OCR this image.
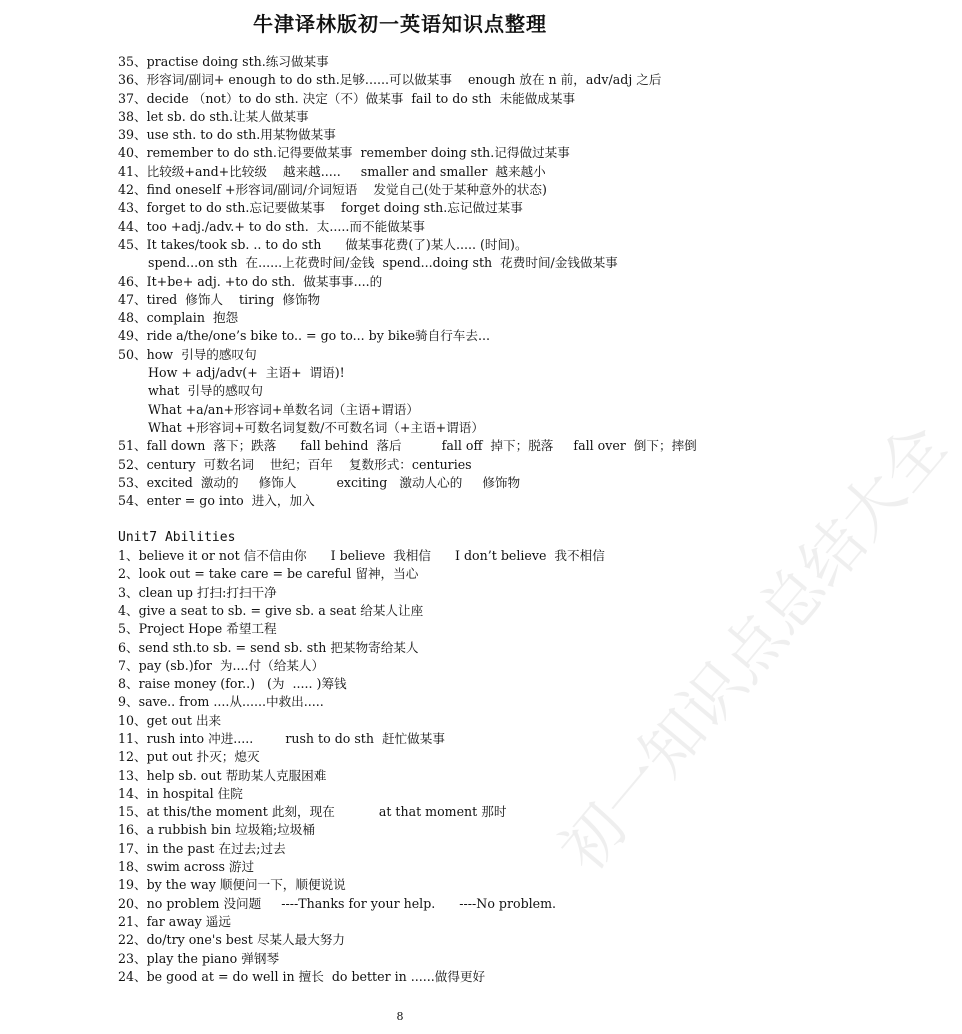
牛津译林版初一英语知识点整理
初一知识点总结大全
35、practise doing sth.练习做某事
36、形容词/副词+ enough to do sth.足够......可以做某事    enough 放在 n 前，adv/adj 之后
37、decide （not）to do sth. 决定（不）做某事  fail to do sth  未能做成某事
38、let sb. do sth.让某人做某事
39、use sth. to do sth.用某物做某事
40、remember to do sth.记得要做某事  remember doing sth.记得做过某事
41、比较级+and+比较级    越来越.....     smaller and smaller  越来越小
42、find oneself +形容词/副词/介词短语    发觉自己(处于某种意外的状态)
43、forget to do sth.忘记要做某事    forget doing sth.忘记做过某事
44、too +adj./adv.+ to do sth.  太.....而不能做某事
45、It takes/took sb. .. to do sth      做某事花费(了)某人..... (时间)。
spend...on sth  在......上花费时间/金钱  spend...doing sth  花费时间/金钱做某事
46、It+be+ adj. +to do sth.  做某事事....的
47、tired  修饰人    tiring  修饰物
48、complain  抱怨
49、ride a/the/one’s bike to.. = go to... by bike骑自行车去...
50、how  引导的感叹句
How + adj/adv(+  主语+  谓语)!
what  引导的感叹句
What +a/an+形容词+单数名词（主语+谓语）
What +形容词+可数名词复数/不可数名词（+主语+谓语）
51、fall down  落下；跌落      fall behind  落后          fall off  掉下；脱落     fall over  倒下；摔倒
52、century  可数名词    世纪；百年    复数形式：centuries
53、excited  激动的     修饰人          exciting   激动人心的     修饰物
54、enter = go into  进入，加入
Unit7 Abilities
1、believe it or not 信不信由你      I believe  我相信      I don’t believe  我不相信
2、look out = take care = be careful 留神，当心
3、clean up 打扫:打扫干净
4、give a seat to sb. = give sb. a seat 给某人让座
5、Project Hope 希望工程
6、send sth.to sb. = send sb. sth 把某物寄给某人
7、pay (sb.)for  为....付（给某人）
8、raise money (for..)   (为  ..... )筹钱
9、save.. from ....从......中救出.....
10、get out 出来
11、rush into 冲进.....        rush to do sth  赶忙做某事
12、put out 扑灭；熄灭
13、help sb. out 帮助某人克服困难
14、in hospital 住院
15、at this/the moment 此刻，现在           at that moment 那时
16、a rubbish bin 垃圾箱;垃圾桶
17、in the past 在过去;过去
18、swim across 游过
19、by the way 顺便问一下，顺便说说
20、no problem 没问题     ----Thanks for your help.      ----No problem.
21、far away 遥远
22、do/try one's best 尽某人最大努力
23、play the piano 弹钢琴
24、be good at = do well in 擅长  do better in ......做得更好
8
